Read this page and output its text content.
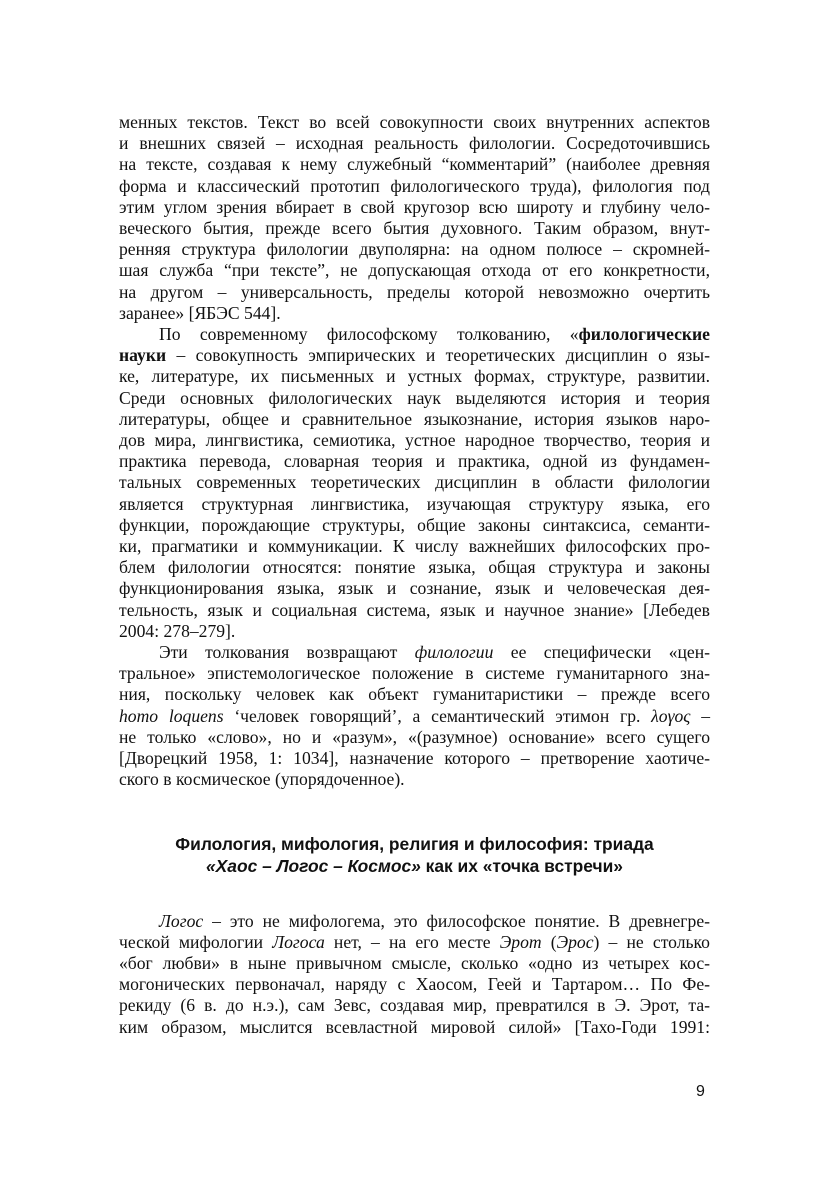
менных текстов. Текст во всей совокупности своих внутренних аспектов
и внешних связей – исходная реальность филологии. Сосредоточившись
на тексте, создавая к нему служебный “комментарий” (наиболее древняя
форма и классический прототип филологического труда), филология под
этим углом зрения вбирает в свой кругозор всю широту и глубину чело-
веческого бытия, прежде всего бытия духовного. Таким образом, внут-
ренняя структура филологии двуполярна: на одном полюсе – скромней-
шая служба “при тексте”, не допускающая отхода от его конкретности,
на другом – универсальность, пределы которой невозможно очертить
заранее» [ЯБЭС 544].
По современному философскому толкованию, «филологические
науки – совокупность эмпирических и теоретических дисциплин о язы-
ке, литературе, их письменных и устных формах, структуре, развитии.
Среди основных филологических наук выделяются история и теория
литературы, общее и сравнительное языкознание, история языков наро-
дов мира, лингвистика, семиотика, устное народное творчество, теория и
практика перевода, словарная теория и практика, одной из фундамен-
тальных современных теоретических дисциплин в области филологии
является структурная лингвистика, изучающая структуру языка, его
функции, порождающие структуры, общие законы синтаксиса, семанти-
ки, прагматики и коммуникации. К числу важнейших философских про-
блем филологии относятся: понятие языка, общая структура и законы
функционирования языка, язык и сознание, язык и человеческая дея-
тельность, язык и социальная система, язык и научное знание» [Лебедев
2004: 278–279].
Эти толкования возвращают филологии ее специфически «цен-
тральное» эпистемологическое положение в системе гуманитарного зна-
ния, поскольку человек как объект гуманитаристики – прежде всего
homo loquens ‘человек говорящий’, а семантический этимон гр. λογος –
не только «слово», но и «разум», «(разумное) основание» всего сущего
[Дворецкий 1958, 1: 1034], назначение которого – претворение хаотиче-
ского в космическое (упорядоченное).
Филология, мифология, религия и философия: триада
«Хаос – Логос – Космос» как их «точка встречи»
Логос – это не мифологема, это философское понятие. В древнегре-
ческой мифологии Логоса нет, – на его месте Эрот (Эрос) – не столько
«бог любви» в ныне привычном смысле, сколько «одно из четырех кос-
могонических первоначал, наряду с Хаосом, Геей и Тартаром… По Фе-
рекиду (6 в. до н.э.), сам Зевс, создавая мир, превратился в Э. Эрот, та-
ким образом, мыслится всевластной мировой силой» [Тахо-Годи 1991:
9
